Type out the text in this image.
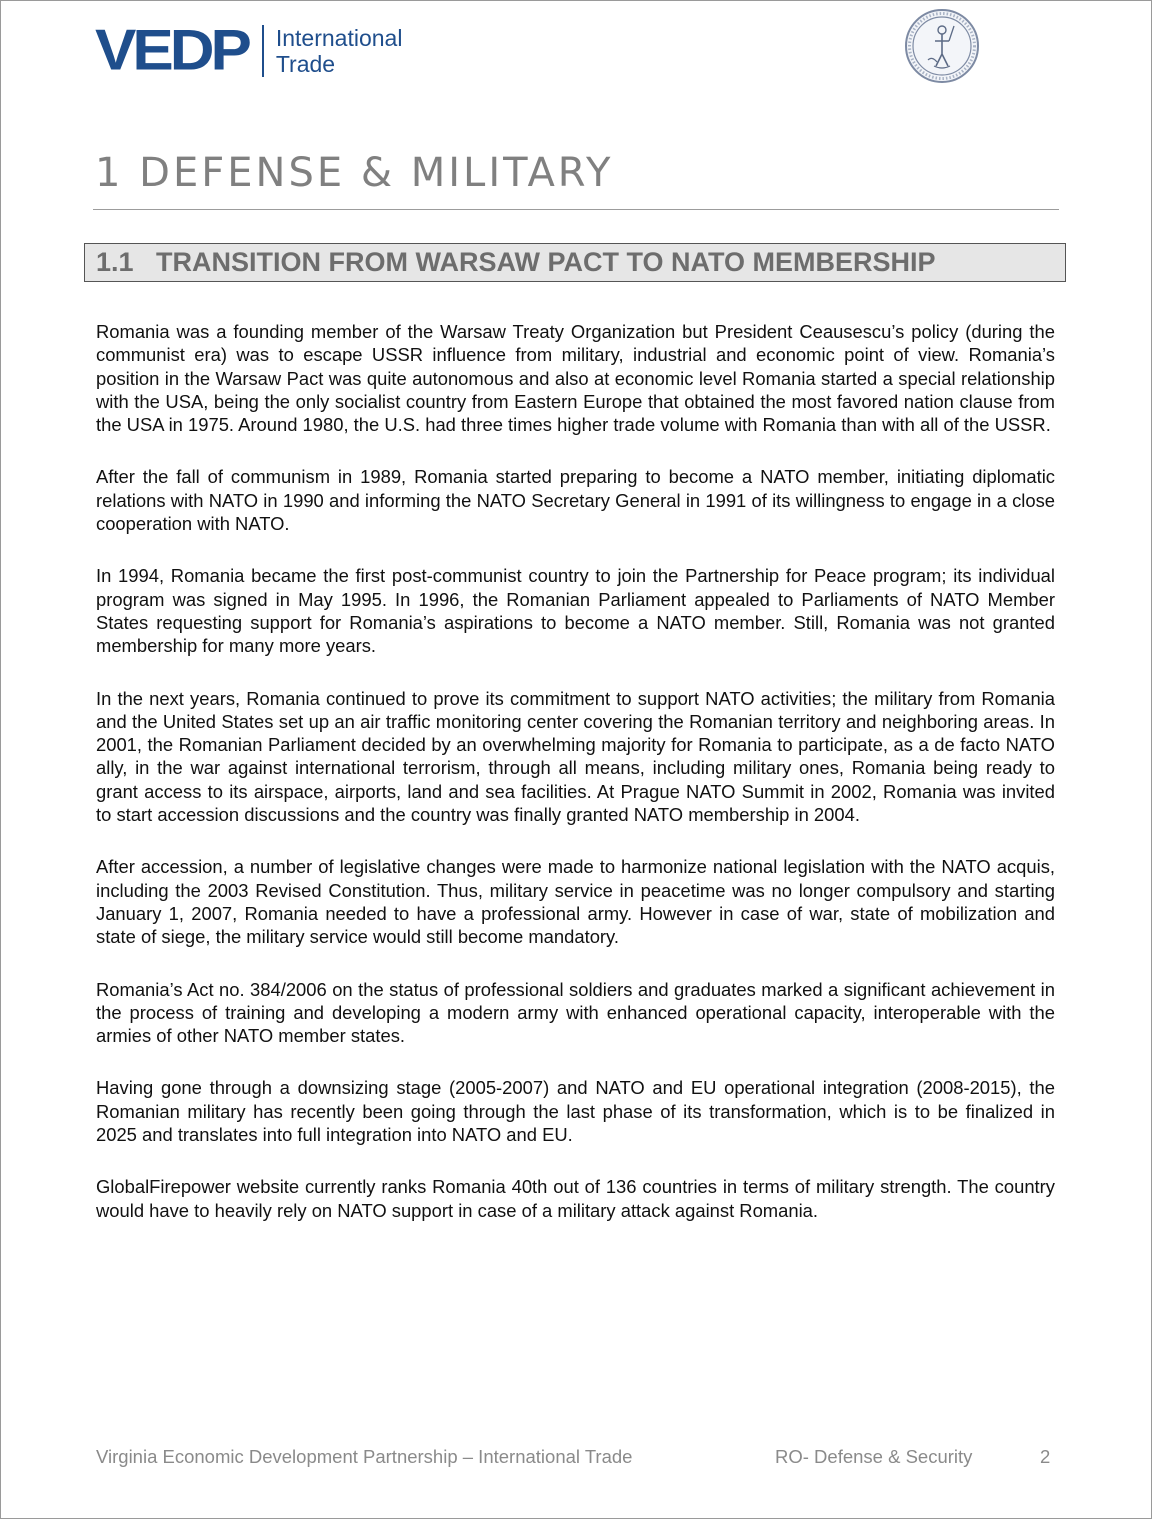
VEDP International
Trade
1 DEFENSE & MILITARY
1.1 TRANSITION FROM WARSAW PACT TO NATO MEMBERSHIP

Romania was a founding member of the Warsaw Treaty Organization but President Ceausescu’s policy (during the communist era) was to escape USSR influence from military, industrial and economic point of view. Romania’s position in the Warsaw Pact was quite autonomous and also at economic level Romania started a special relationship with the USA, being the only socialist country from Eastern Europe that obtained the most favored nation clause from the USA in 1975. Around 1980, the U.S. had three times higher trade volume with Romania than with all of the USSR.

After the fall of communism in 1989, Romania started preparing to become a NATO member, initiating diplomatic relations with NATO in 1990 and informing the NATO Secretary General in 1991 of its willingness to engage in a close cooperation with NATO.

In 1994, Romania became the first post-communist country to join the Partnership for Peace program; its individual program was signed in May 1995. In 1996, the Romanian Parliament appealed to Parliaments of NATO Member States requesting support for Romania’s aspirations to become a NATO member. Still, Romania was not granted membership for many more years.

In the next years, Romania continued to prove its commitment to support NATO activities; the military from Romania and the United States set up an air traffic monitoring center covering the Romanian territory and neighboring areas. In 2001, the Romanian Parliament decided by an overwhelming majority for Romania to participate, as a de facto NATO ally, in the war against international terrorism, through all means, including military ones, Romania being ready to grant access to its airspace, airports, land and sea facilities. At Prague NATO Summit in 2002, Romania was invited to start accession discussions and the country was finally granted NATO membership in 2004.

After accession, a number of legislative changes were made to harmonize national legislation with the NATO acquis, including the 2003 Revised Constitution. Thus, military service in peacetime was no longer compulsory and starting January 1, 2007, Romania needed to have a professional army. However in case of war, state of mobilization and state of siege, the military service would still become mandatory.

Romania’s Act no. 384/2006 on the status of professional soldiers and graduates marked a significant achievement in the process of training and developing a modern army with enhanced operational capacity, interoperable with the armies of other NATO member states.

Having gone through a downsizing stage (2005-2007) and NATO and EU operational integration (2008-2015), the Romanian military has recently been going through the last phase of its transformation, which is to be finalized in 2025 and translates into full integration into NATO and EU.

GlobalFirepower website currently ranks Romania 40th out of 136 countries in terms of military strength. The country would have to heavily rely on NATO support in case of a military attack against Romania.

Virginia Economic Development Partnership – International Trade	RO- Defense & Security	2
